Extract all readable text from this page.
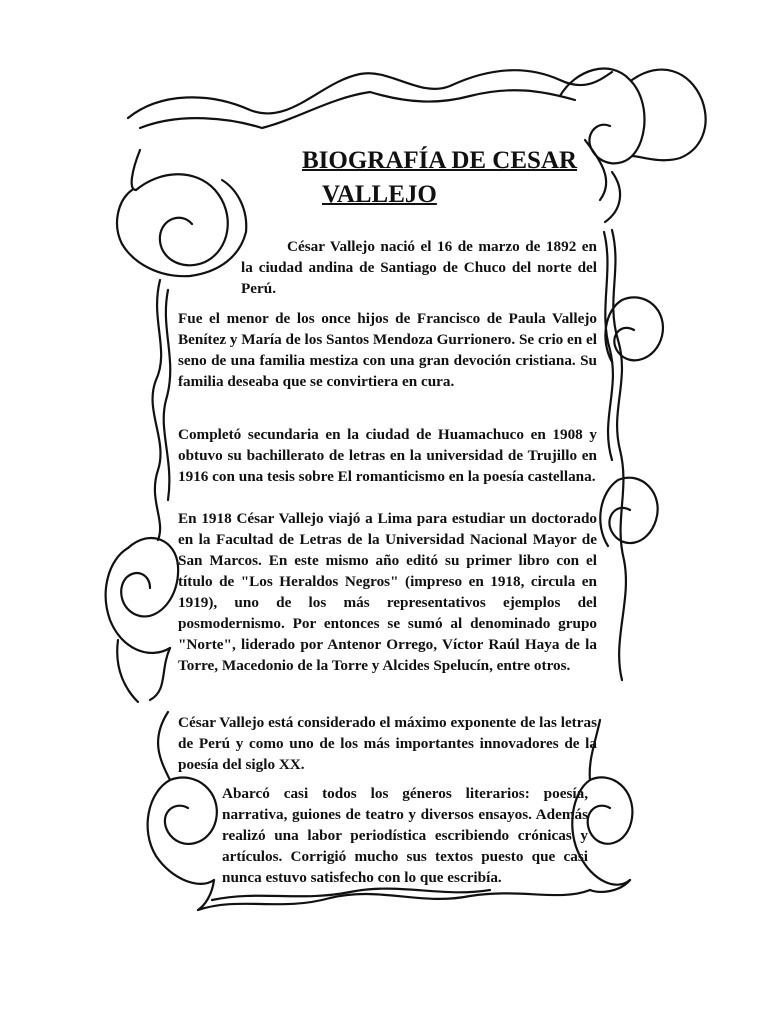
BIOGRAFÍA DE CESAR
VALLEJO

César Vallejo nació el 16 de marzo de 1892 en la ciudad andina de Santiago de Chuco del norte del Perú.

Fue el menor de los once hijos de Francisco de Paula Vallejo Benítez y María de los Santos Mendoza Gurrionero. Se crio en el seno de una familia mestiza con una gran devoción cristiana. Su familia deseaba que se convirtiera en cura.

Completó secundaria en la ciudad de Huamachuco en 1908 y obtuvo su bachillerato de letras en la universidad de Trujillo en 1916 con una tesis sobre El romanticismo en la poesía castellana.

En 1918 César Vallejo viajó a Lima para estudiar un doctorado en la Facultad de Letras de la Universidad Nacional Mayor de San Marcos. En este mismo año editó su primer libro con el título de "Los Heraldos Negros" (impreso en 1918, circula en 1919), uno de los más representativos ejemplos del posmodernismo. Por entonces se sumó al denominado grupo "Norte", liderado por Antenor Orrego, Víctor Raúl Haya de la Torre, Macedonio de la Torre y Alcides Spelucín, entre otros.

César Vallejo está considerado el máximo exponente de las letras de Perú y como uno de los más importantes innovadores de la poesía del siglo XX.

Abarcó casi todos los géneros literarios: poesía, narrativa, guiones de teatro y diversos ensayos. Además realizó una labor periodística escribiendo crónicas y artículos. Corrigió mucho sus textos puesto que casi nunca estuvo satisfecho con lo que escribía.
